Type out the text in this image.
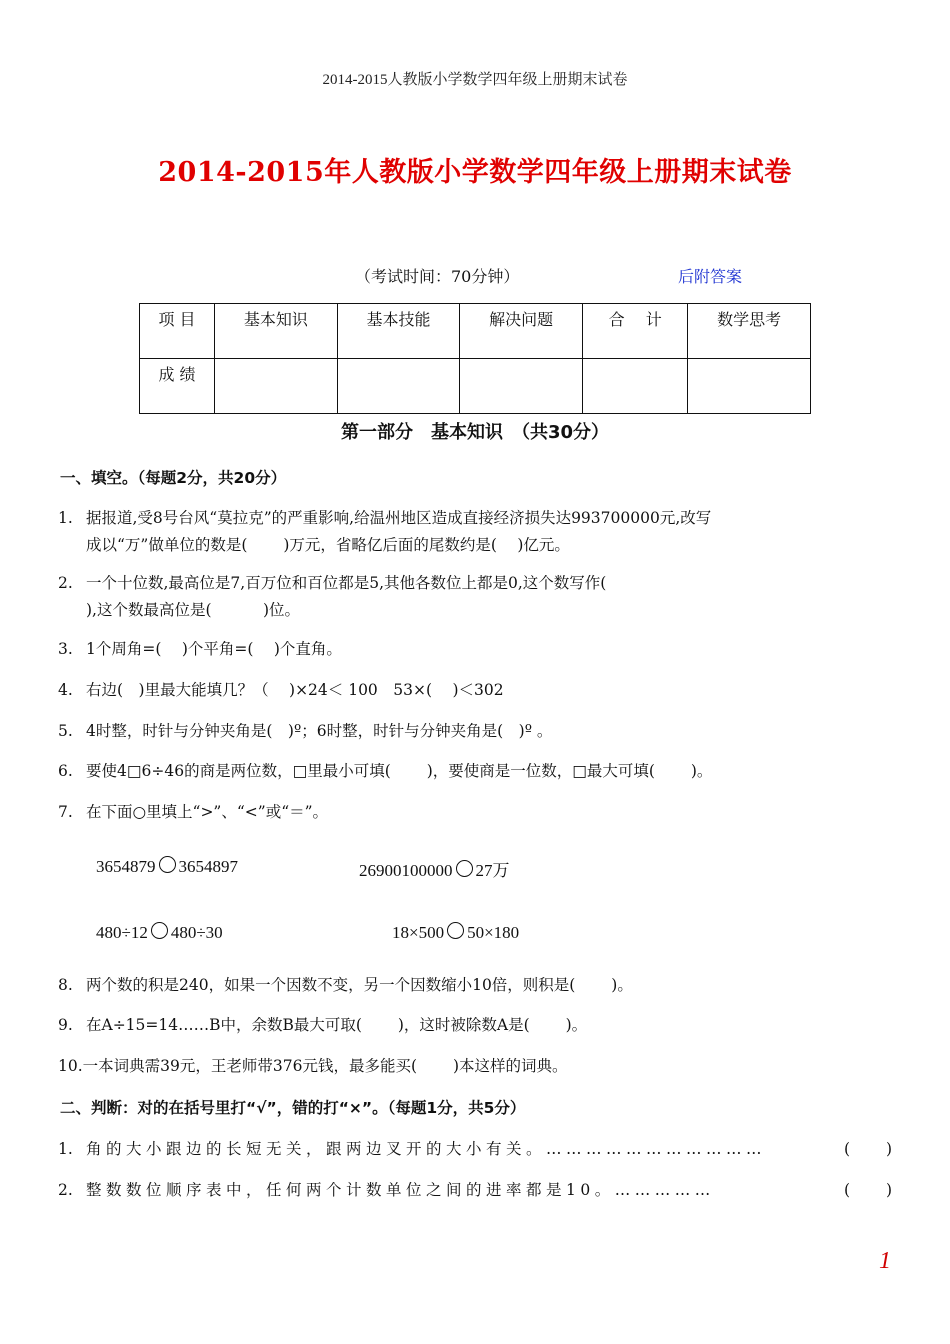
2014-2015人教版小学数学四年级上册期末试卷
2014-2015年人教版小学数学四年级上册期末试卷
（考试时间：70分钟）	后附答案
项 目	基本知识	基本技能	解决问题	合　 计	数学思考
成 绩					
第一部分　基本知识　（共30分）
一、填空。（每题2分，共20分）
1. 据报道,受8号台风“莫拉克”的严重影响,给温州地区造成直接经济损失达993700000元,改写
成以“万”做单位的数是(　　 )万元，省略亿后面的尾数约是(　 )亿元。
2. 一个十位数,最高位是7,百万位和百位都是5,其他各数位上都是0,这个数写作(
),这个数最高位是(　　　 )位。
3. 1个周角=(　 )个平角=(　 )个直角。
4. 右边(　)里最大能填几？（　 )×24＜ 100　53×(　 )＜302
5. 4时整，时针与分钟夹角是(　)º；6时整，时针与分钟夹角是(　)º 。
6. 要使4□6÷46的商是两位数，□里最小可填(　　 )，要使商是一位数，□最大可填(　　 )。
7. 在下面○里填上“>”、“<”或“＝”。
3654879 3654897	26900100000 27万
480÷12 480÷30	18×500 50×180
8. 两个数的积是240，如果一个因数不变，另一个因数缩小10倍，则积是(　　 )。
9. 在A÷15=14……B中，余数B最大可取(　　 )，这时被除数A是(　　 )。
10.一本词典需39元，王老师带376元钱，最多能买(　　 )本这样的词典。
二、判断：对的在括号里打“√”，错的打“×”。（每题1分，共5分）
1. 角的大小跟边的长短无关，跟两边叉开的大小有关。……………………………	(　　 )
2. 整数数位顺序表中，任何两个计数单位之间的进率都是10。……………	(　　 )
1
